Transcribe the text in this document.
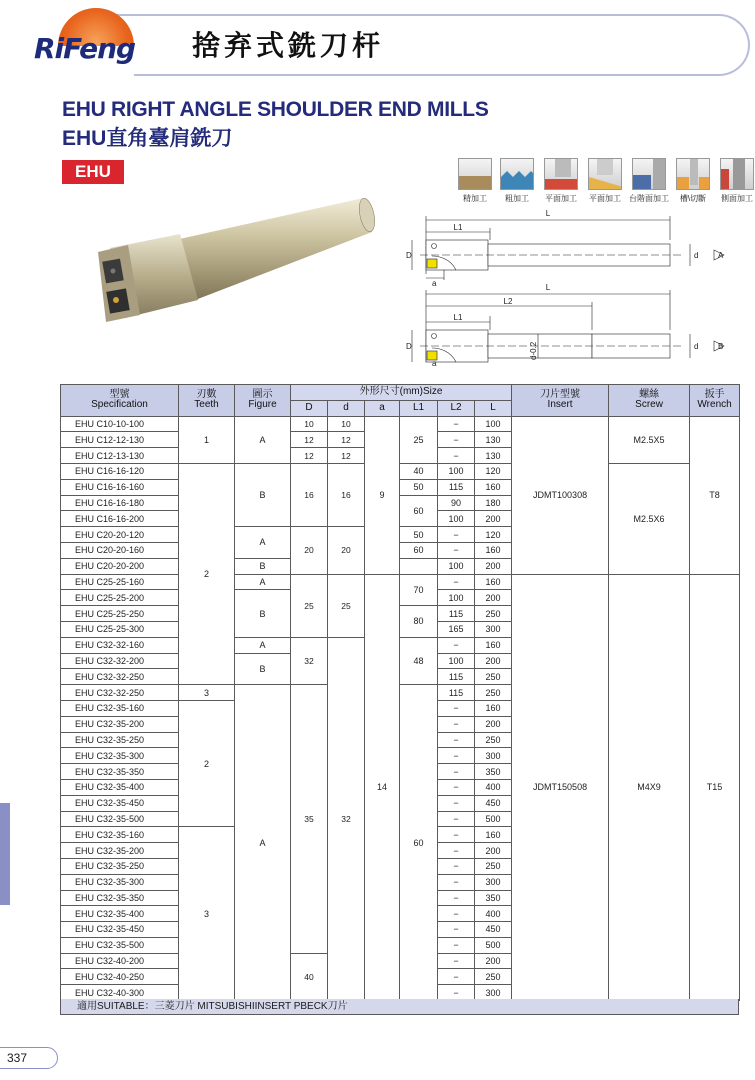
RiFeng 捨弃式銑刀杆
EHU RIGHT ANGLE SHOULDER END MILLS
EHU直角臺肩銑刀
EHU
精加工	粗加工	平面加工	平面加工	台階面加工	槽\切斷	側面加工
L
L1
D	d
a
A
L
L2
L1
D	d-0.2	d
a
B
型號
Specification	刃數
Teeth	圖示
Figure	外形尺寸(mm)Size						刀片型號
Insert	螺絲
Screw	扳手
Wrench
			D	d	a	L1	L2	L			
EHU C10-10-100	1	A	10	10	9	25	−	100	JDMT100308	M2.5X5	T8
EHU C12-12-130			12	12			−	130			
EHU C12-13-130			12	12			−	130			
EHU C16-16-120	2	B	16	16		40	100	120		M2.5X6	
EHU C16-16-160						50	115	160			
EHU C16-16-180						60	90	180			
EHU C16-16-200							100	200			
EHU C20-20-120		A	20	20		50	−	120			
EHU C20-20-160						60	−	160			
EHU C20-20-200		B					100	200			
EHU C25-25-160		A	25	25	14	70	−	160	JDMT150508	M4X9	T15
EHU C25-25-200		B					100	200			
EHU C25-25-250						80	115	250			
EHU C25-25-300							165	300			
EHU C32-32-160		A	32	32		48	−	160			
EHU C32-32-200		B					100	200			
EHU C32-32-250							115	250			
EHU C32-32-250	3	A	35			60	115	250			
EHU C32-35-160	2						−	160			
EHU C32-35-200							−	200			
EHU C32-35-250							−	250			
EHU C32-35-300							−	300			
EHU C32-35-350							−	350			
EHU C32-35-400							−	400			
EHU C32-35-450							−	450			
EHU C32-35-500							−	500			
EHU C32-35-160	3						−	160			
EHU C32-35-200							−	200			
EHU C32-35-250							−	250			
EHU C32-35-300							−	300			
EHU C32-35-350							−	350			
EHU C32-35-400							−	400			
EHU C32-35-450							−	450			
EHU C32-35-500							−	500			
EHU C32-40-200			40				−	200			
EHU C32-40-250							−	250			
EHU C32-40-300							−	300			
適用SUITABLE：三菱刀片 MITSUBISHIINSERT PBECK刀片
337
